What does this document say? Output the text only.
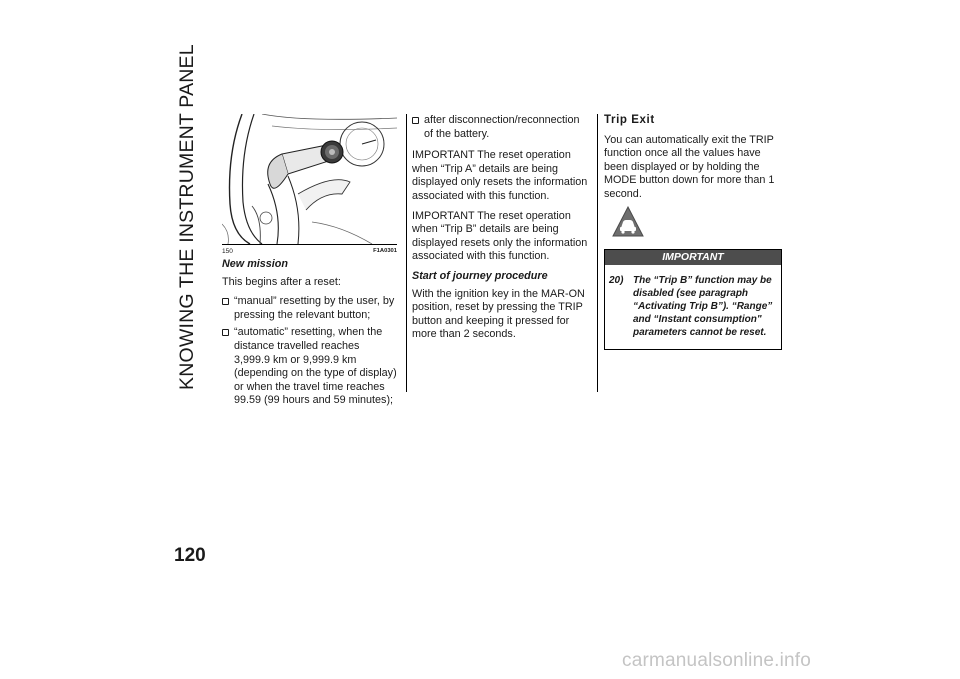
KNOWING THE INSTRUMENT PANEL	150	F1A0301
New mission

This begins after a reset:

“manual” resetting by the user, by pressing the relevant button;
“automatic” resetting, when the distance travelled reaches 3,999.9 km or 9,999.9 km (depending on the type of display) or when the travel time reaches 99.59 (99 hours and 59 minutes);
after disconnection/reconnection of the battery.

IMPORTANT The reset operation when “Trip A” details are being displayed only resets the information associated with this function.

IMPORTANT The reset operation when “Trip B” details are being displayed resets only the information associated with this function.

Start of journey procedure

With the ignition key in the MAR-ON position, reset by pressing the TRIP button and keeping it pressed for more than 2 seconds.

Trip Exit

You can automatically exit the TRIP function once all the values have been displayed or by holding the MODE button down for more than 1 second.

IMPORTANT
20) The “Trip B” function may be disabled (see paragraph “Activating Trip B”). “Range” and “Instant consumption" parameters cannot be reset.
120
carmanualsonline.info
